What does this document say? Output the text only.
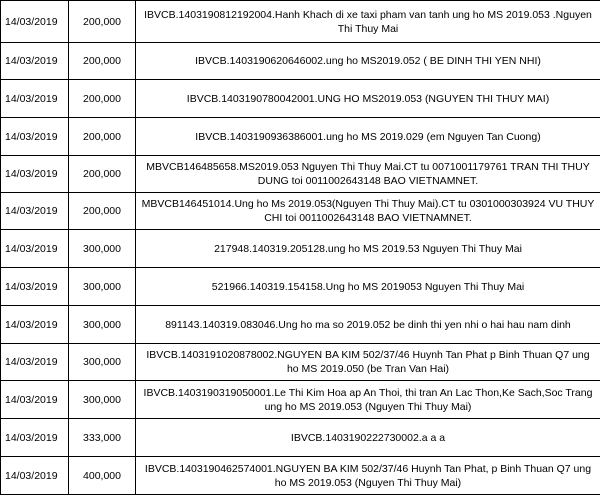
14/03/2019	200,000	IBVCB.1403190812192004.Hanh Khach di xe taxi pham van tanh ung ho MS 2019.053 .Nguyen Thi Thuy Mai
14/03/2019	200,000	IBVCB.1403190620646002.ung ho MS2019.052 ( BE DINH THI YEN NHI)
14/03/2019	200,000	IBVCB.1403190780042001.UNG HO MS2019.053 (NGUYEN THI THUY MAI)
14/03/2019	200,000	IBVCB.1403190936386001.ung ho MS 2019.029 (em Nguyen Tan Cuong)
14/03/2019	200,000	MBVCB146485658.MS2019.053 Nguyen Thi Thuy Mai.CT tu 0071001179761 TRAN THI THUY DUNG toi 0011002643148 BAO VIETNAMNET.
14/03/2019	200,000	MBVCB146451014.Ung ho Ms 2019.053(Nguyen Thi Thuy Mai).CT tu 0301000303924 VU THUY CHI toi 0011002643148 BAO VIETNAMNET.
14/03/2019	300,000	217948.140319.205128.ung ho MS 2019.53 Nguyen Thi Thuy Mai
14/03/2019	300,000	521966.140319.154158.Ung ho MS 2019053 Nguyen Thi Thuy Mai
14/03/2019	300,000	891143.140319.083046.Ung ho ma so 2019.052 be dinh thi yen nhi o hai hau nam dinh
14/03/2019	300,000	IBVCB.1403191020878002.NGUYEN BA KIM 502/37/46 Huynh Tan Phat p Binh Thuan Q7 ung ho MS 2019.050 (be Tran Van Hai)
14/03/2019	300,000	IBVCB.1403190319050001.Le Thi Kim Hoa ap An Thoi, thi tran An Lac Thon,Ke Sach,Soc Trang ung ho MS 2019.053 (Nguyen Thi Thuy Mai)
14/03/2019	333,000	IBVCB.1403190222730002.a a a
14/03/2019	400,000	IBVCB.1403190462574001.NGUYEN BA KIM 502/37/46 Huynh Tan Phat, p Binh Thuan Q7 ung ho MS 2019.053 (Nguyen Thi Thuy Mai)
